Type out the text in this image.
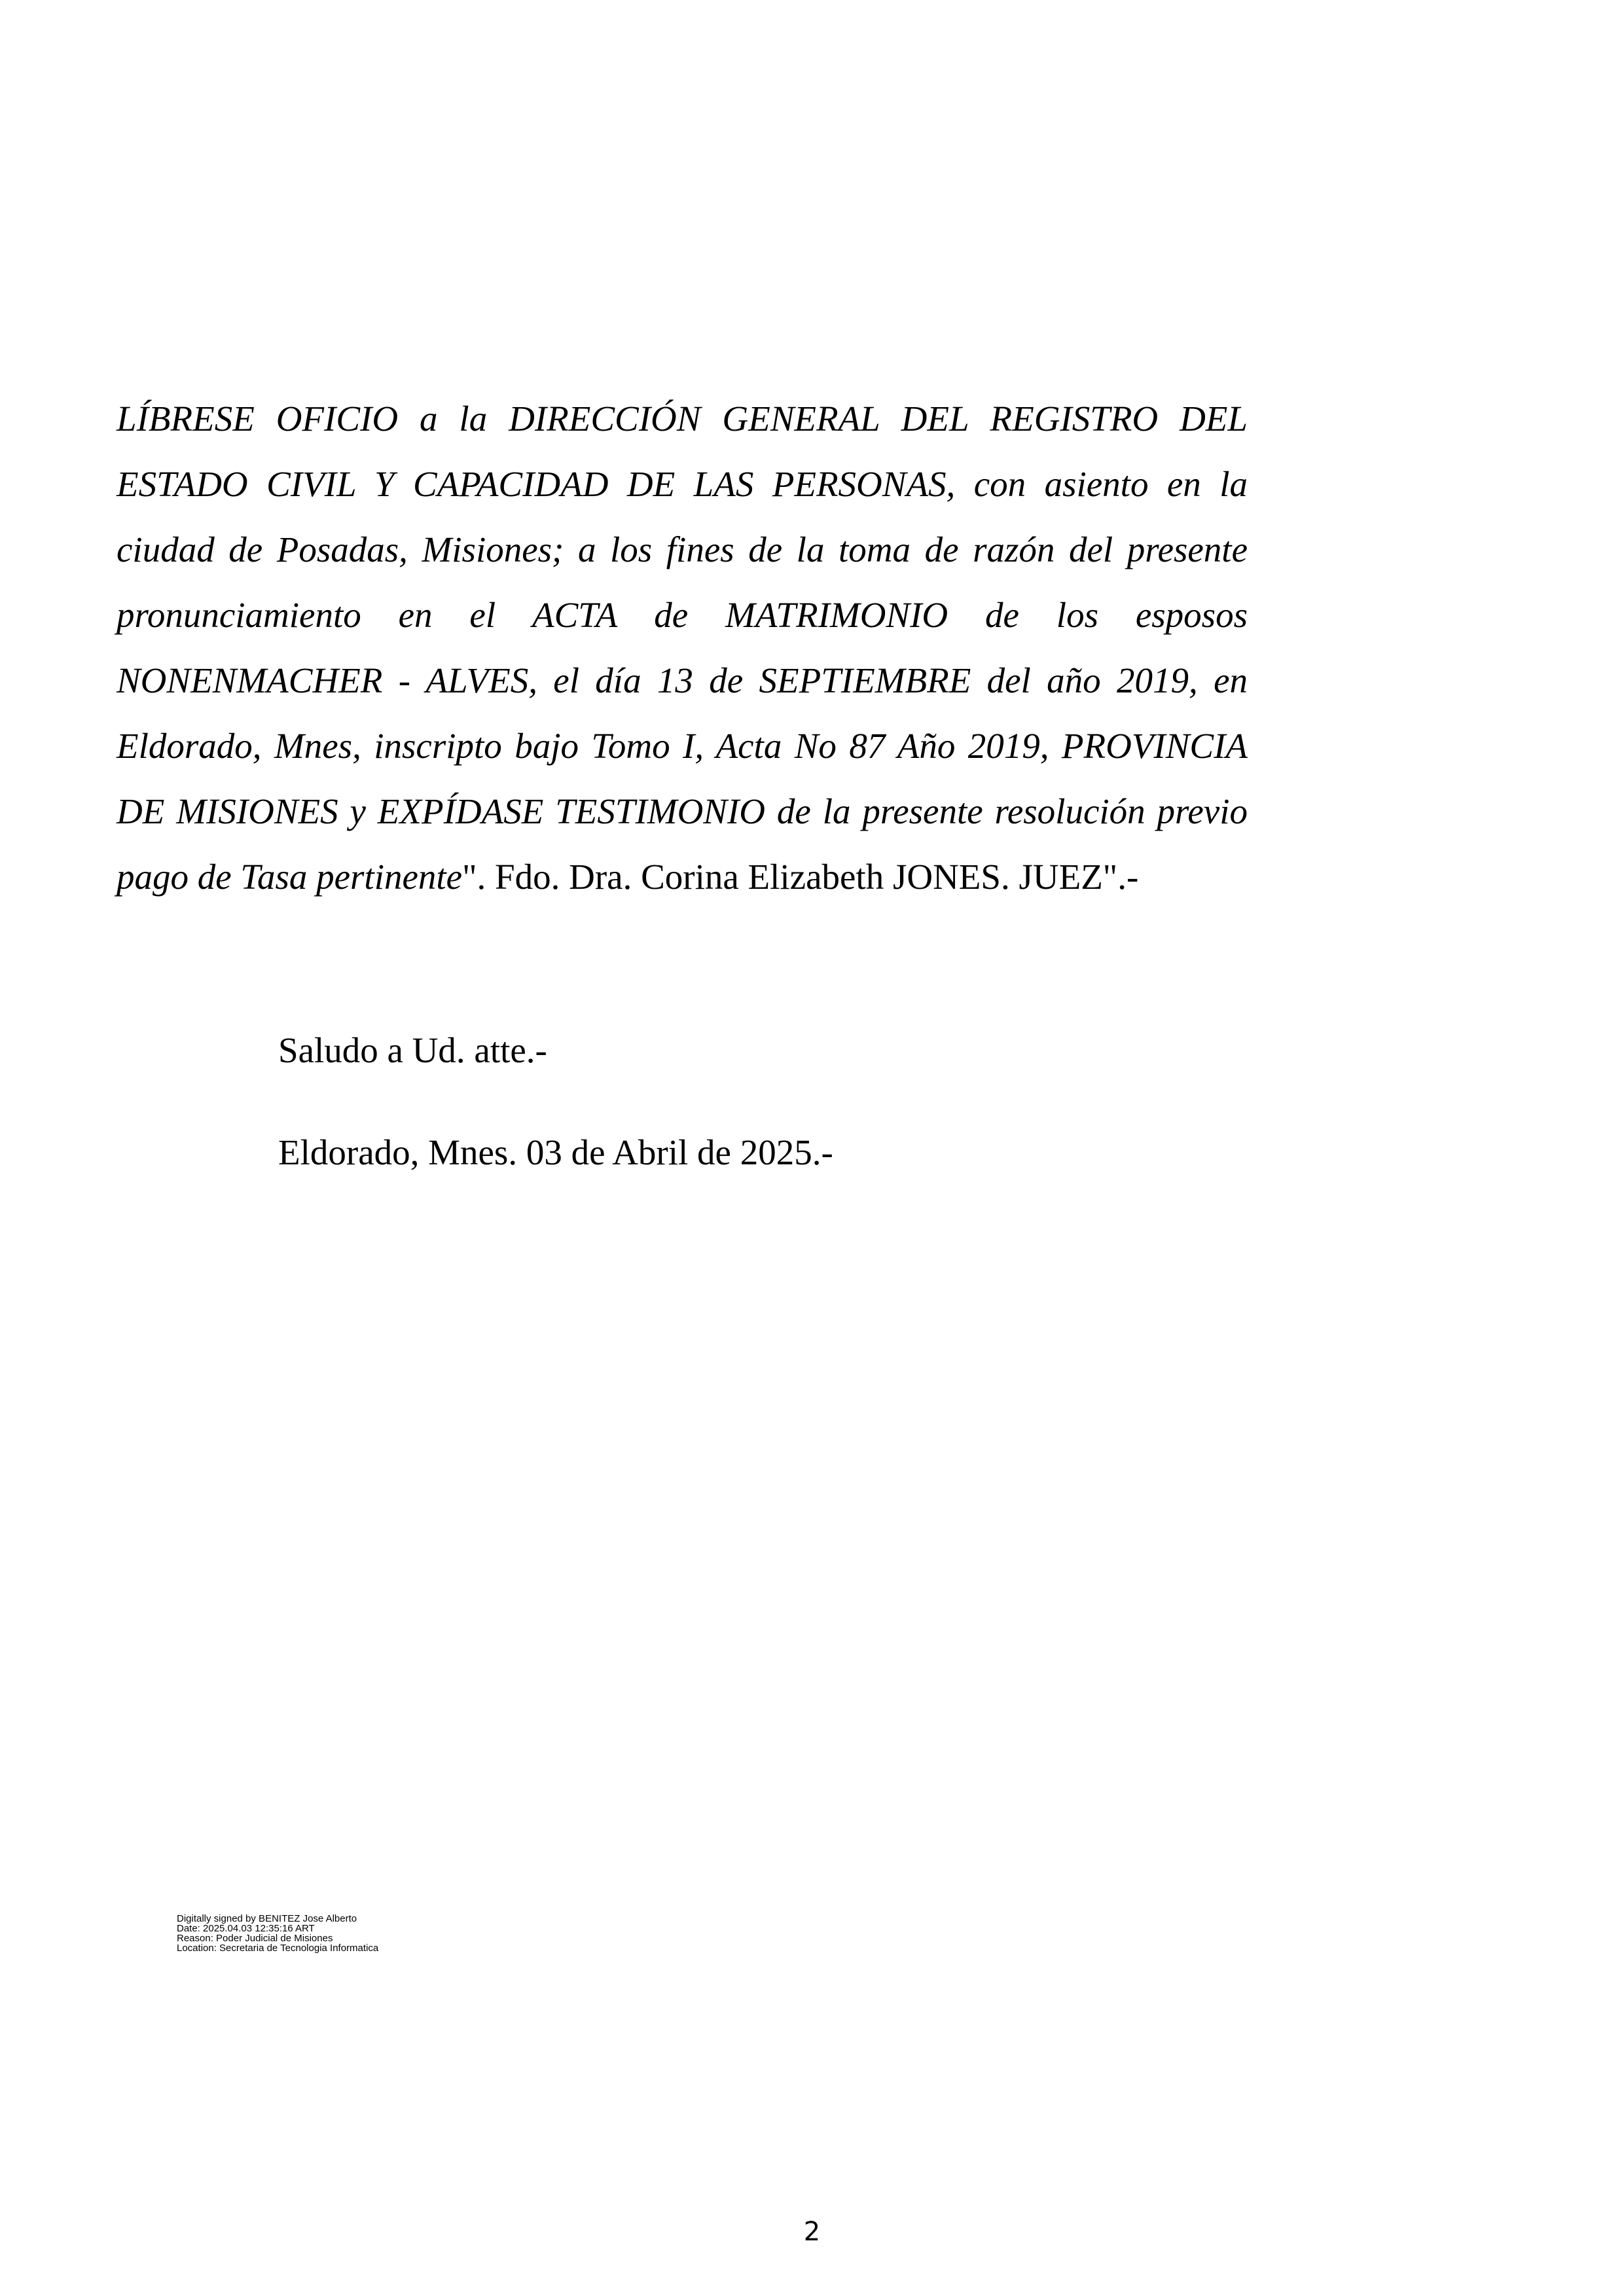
LÍBRESE OFICIO a la DIRECCIÓN GENERAL DEL REGISTRO DEL ESTADO CIVIL Y CAPACIDAD DE LAS PERSONAS, con asiento en la ciudad de Posadas, Misiones; a los fines de la toma de razón del presente pronunciamiento en el ACTA de MATRIMONIO de los esposos NONENMACHER - ALVES, el día 13 de SEPTIEMBRE del año 2019, en Eldorado, Mnes, inscripto bajo Tomo I, Acta No 87 Año 2019, PROVINCIA DE MISIONES y EXPÍDASE TESTIMONIO de la presente resolución previo pago de Tasa pertinente". Fdo. Dra. Corina Elizabeth JONES. JUEZ".-
Saludo a Ud. atte.-
Eldorado, Mnes. 03 de Abril de 2025.-
Digitally signed by BENITEZ Jose Alberto
Date: 2025.04.03 12:35:16 ART
Reason: Poder Judicial de Misiones
Location: Secretaria de Tecnologia Informatica
2
